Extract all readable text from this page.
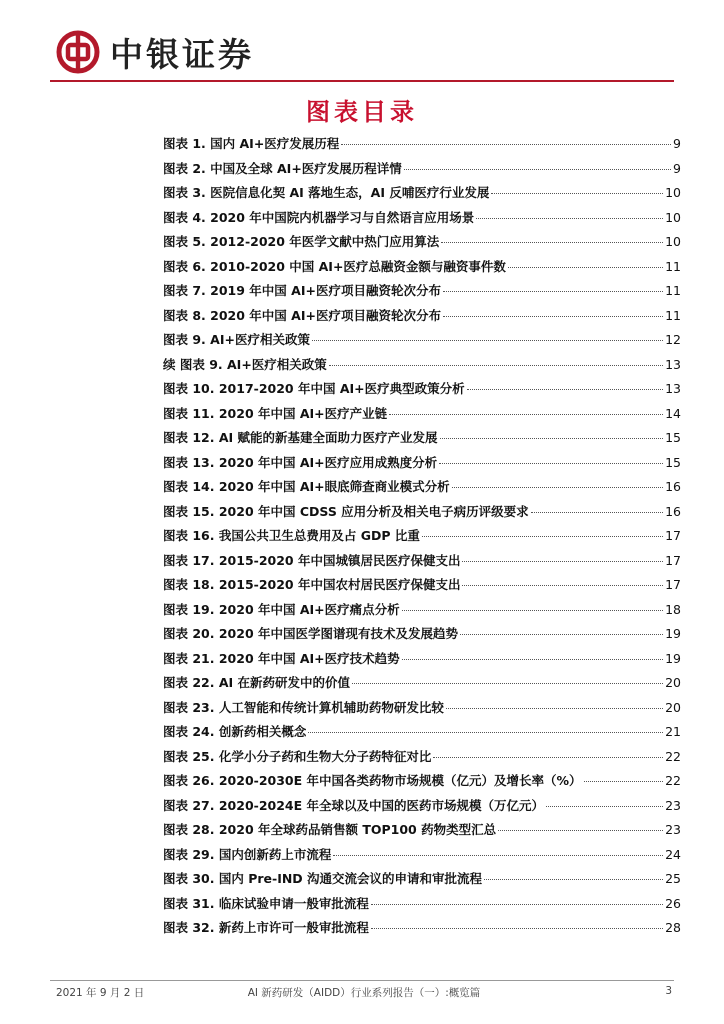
中银证券
图表目录
图表 1. 国内 AI+医疗发展历程	9
图表 2. 中国及全球 AI+医疗发展历程详情	9
图表 3. 医院信息化契 AI 落地生态，AI 反哺医疗行业发展	10
图表 4. 2020 年中国院内机器学习与自然语言应用场景	10
图表 5. 2012-2020 年医学文献中热门应用算法	10
图表 6. 2010-2020 中国 AI+医疗总融资金额与融资事件数	11
图表 7. 2019 年中国 AI+医疗项目融资轮次分布	11
图表 8. 2020 年中国 AI+医疗项目融资轮次分布	11
图表 9. AI+医疗相关政策	12
续 图表 9. AI+医疗相关政策	13
图表 10. 2017-2020 年中国 AI+医疗典型政策分析	13
图表 11. 2020 年中国 AI+医疗产业链	14
图表 12. AI 赋能的新基建全面助力医疗产业发展	15
图表 13. 2020 年中国 AI+医疗应用成熟度分析	15
图表 14. 2020 年中国 AI+眼底筛查商业模式分析	16
图表 15. 2020 年中国 CDSS 应用分析及相关电子病历评级要求	16
图表 16. 我国公共卫生总费用及占 GDP 比重	17
图表 17. 2015-2020 年中国城镇居民医疗保健支出	17
图表 18. 2015-2020 年中国农村居民医疗保健支出	17
图表 19. 2020 年中国 AI+医疗痛点分析	18
图表 20. 2020 年中国医学图谱现有技术及发展趋势	19
图表 21. 2020 年中国 AI+医疗技术趋势	19
图表 22. AI 在新药研发中的价值	20
图表 23. 人工智能和传统计算机辅助药物研发比较	20
图表 24. 创新药相关概念	21
图表 25. 化学小分子药和生物大分子药特征对比	22
图表 26. 2020-2030E 年中国各类药物市场规模（亿元）及增长率（%）	22
图表 27. 2020-2024E 年全球以及中国的医药市场规模（万亿元）	23
图表 28. 2020 年全球药品销售额 TOP100 药物类型汇总	23
图表 29. 国内创新药上市流程	24
图表 30. 国内 Pre-IND 沟通交流会议的申请和审批流程	25
图表 31. 临床试验申请一般审批流程	26
图表 32. 新药上市许可一般审批流程	28
2021 年 9 月 2 日	AI 新药研发（AIDD）行业系列报告（一）:概览篇	3
